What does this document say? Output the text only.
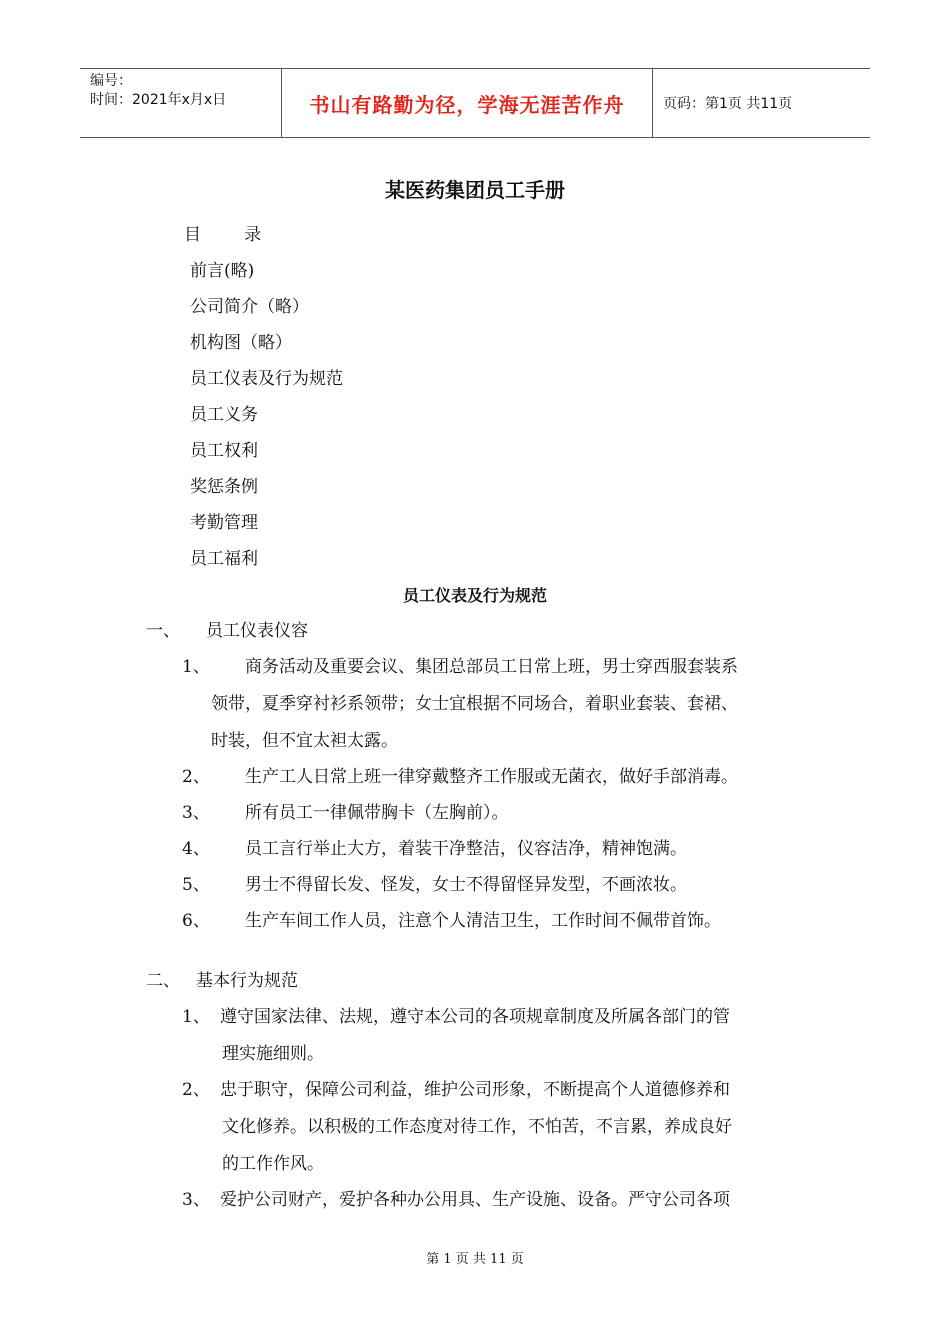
编号：
时间：2021年x月x日	书山有路勤为径，学海无涯苦作舟	页码：第1页 共11页
某医药集团员工手册
目        录
前言(略)
公司简介（略）
机构图（略）
员工仪表及行为规范
员工义务
员工权利
奖惩条例
考勤管理
员工福利
员工仪表及行为规范
一、 员工仪表仪容
1、 商务活动及重要会议、集团总部员工日常上班，男士穿西服套装系
领带，夏季穿衬衫系领带；女士宜根据不同场合，着职业套装、套裙、
时装，但不宜太袒太露。
2、 生产工人日常上班一律穿戴整齐工作服或无菌衣，做好手部消毒。
3、 所有员工一律佩带胸卡（左胸前）。
4、 员工言行举止大方，着装干净整洁，仪容洁净，精神饱满。
5、 男士不得留长发、怪发，女士不得留怪异发型，不画浓妆。
6、 生产车间工作人员，注意个人清洁卫生，工作时间不佩带首饰。
二、 基本行为规范
1、 遵守国家法律、法规，遵守本公司的各项规章制度及所属各部门的管
理实施细则。
2、 忠于职守，保障公司利益，维护公司形象，不断提高个人道德修养和
文化修养。以积极的工作态度对待工作，不怕苦，不言累，养成良好
的工作作风。
3、 爱护公司财产，爱护各种办公用具、生产设施、设备。严守公司各项
第 1 页 共 11 页
